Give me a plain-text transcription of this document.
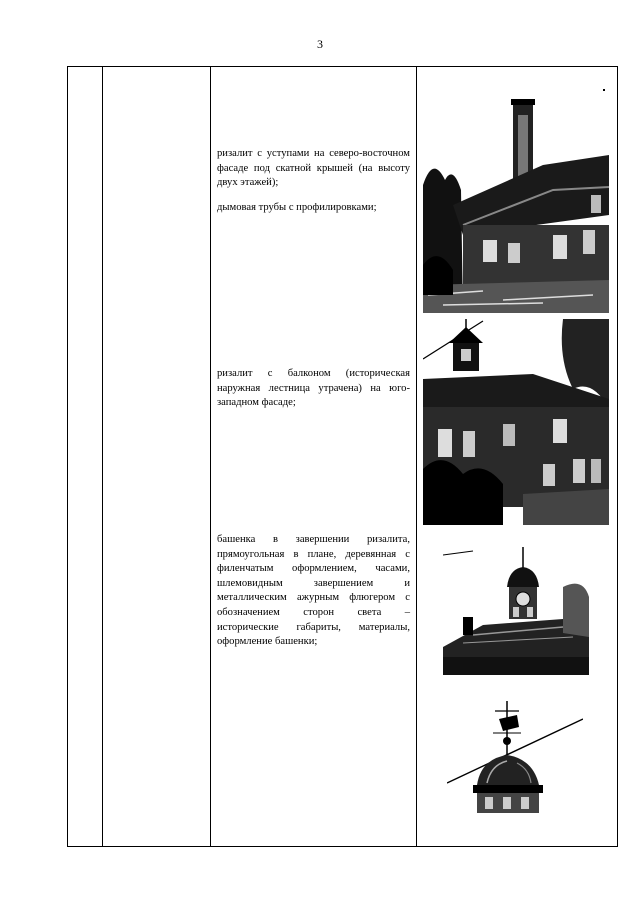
3

ризалит с уступами на северо-восточном фасаде под скатной крышей (на высоту двух этажей);

дымовая трубы с профилировками;

ризалит с балконом (историческая наружная лестница утрачена) на юго-западном фасаде;

башенка в завершении ризалита, прямоугольная в плане, деревянная с филенчатым оформлением, часами, шлемовидным завершением и металлическим ажурным флюгером с обозначением сторон света – исторические габариты, материалы, оформление башенки;
